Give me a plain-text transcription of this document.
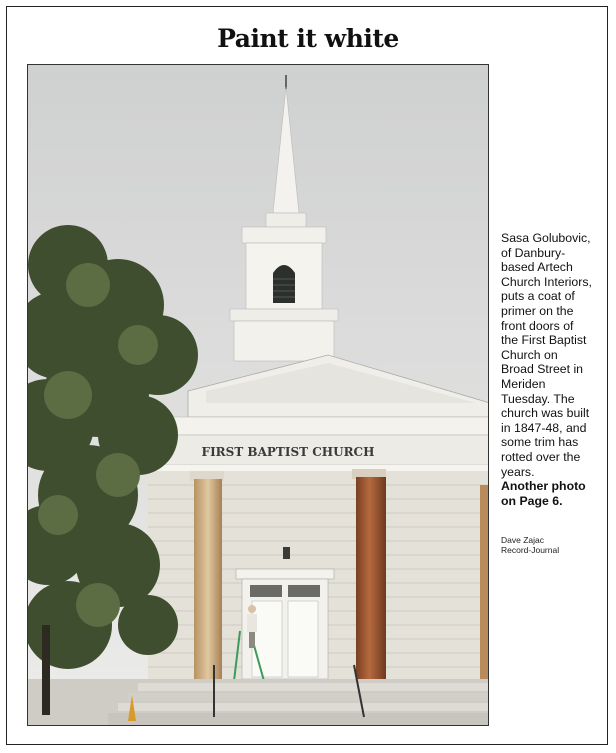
Paint it white
FIRST BAPTIST CHURCH
Sasa Golubovic, of Danbury-based Artech Church Interiors, puts a coat of primer on the front doors of the First Baptist Church on Broad Street in Meriden Tuesday. The church was built in 1847-48, and some trim has rotted over the years.
Another photo on Page 6.
Dave Zajac
Record-Journal
